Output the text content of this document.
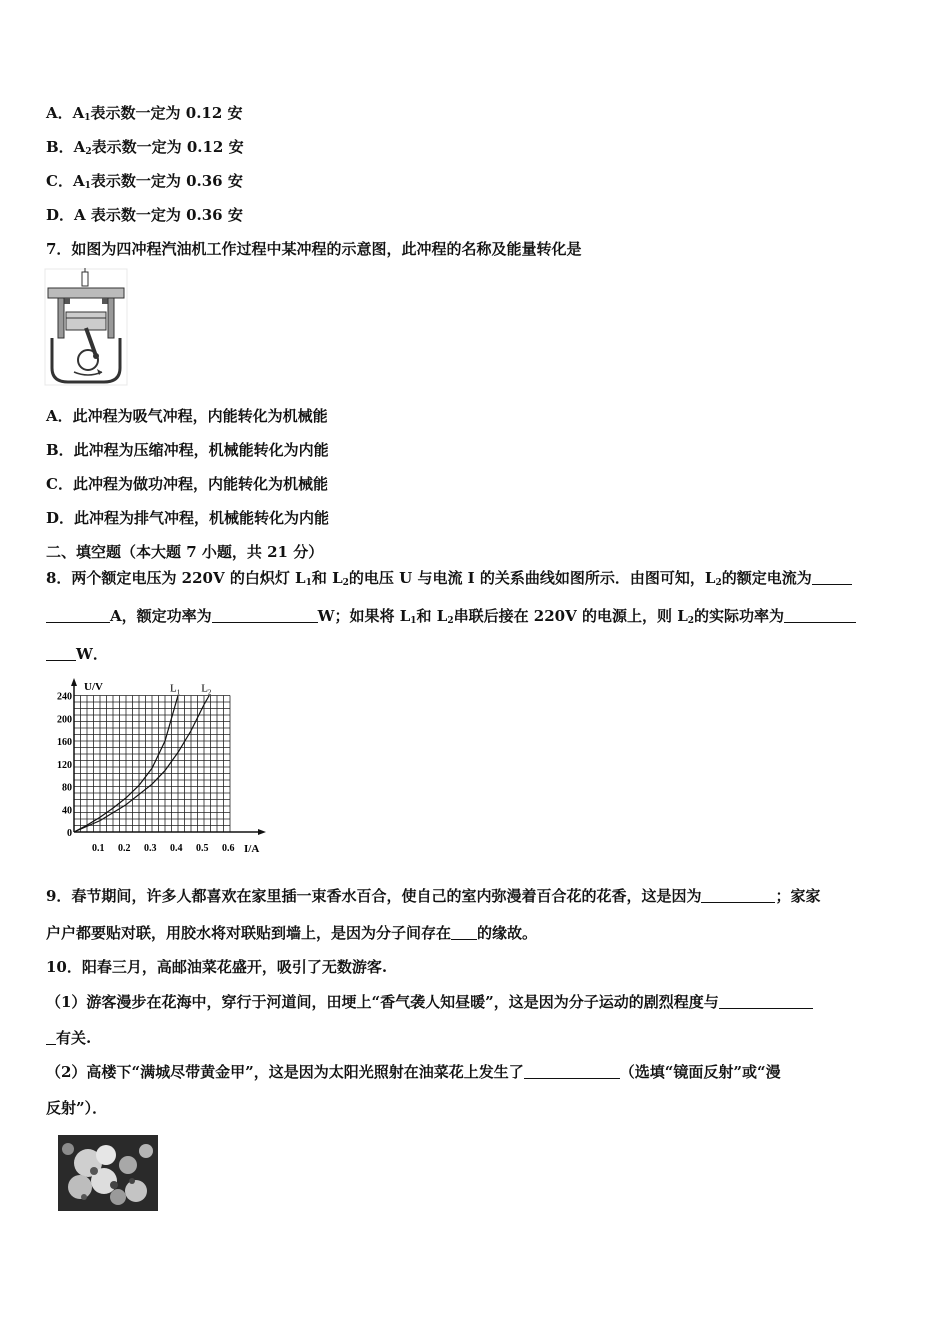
A．$A_1$表示数一定为 0.12 安
B．$A_2$表示数一定为 0.12 安
C．$A_1$表示数一定为 0.36 安
D．A 表示数一定为 0.36 安
7．如图为四冲程汽油机工作过程中某冲程的示意图，此冲程的名称及能量转化是
A．此冲程为吸气冲程，内能转化为机械能
B．此冲程为压缩冲程，机械能转化为内能
C．此冲程为做功冲程，内能转化为机械能
D．此冲程为排气冲程，机械能转化为内能
二、填空题（本大题 7 小题，共 21 分）
8．两个额定电压为 220V 的白炽灯 $L_1$和 $L_2$的电压 U 与电流 I 的关系曲线如图所示．由图可知，$L_2$的额定电流为
A，额定功率为	W；如果将 $L_1$和 $L_2$串联后接在 220V 的电源上，则 $L_2$的实际功率为
W．
0.1 0.2 0.3 0.4 0.5 0.6
0
40
80
120
160
200
240
$L_1$ $L_2$
U/V
I/A
9．春节期间，许多人都喜欢在家里插一束香水百合，使自己的室内弥漫着百合花的花香，这是因为	；家家
户户都要贴对联，用胶水将对联贴到墙上，是因为分子间存在 的缘故。
10．阳春三月，高邮油菜花盛开，吸引了无数游客.
（1）游客漫步在花海中，穿行于河道间，田埂上“香气袭人知昼暖”，这是因为分子运动的剧烈程度与
有关.
（2）高楼下“满城尽带黄金甲”，这是因为太阳光照射在油菜花上发生了	（选填“镜面反射”或“漫
反射”）．
